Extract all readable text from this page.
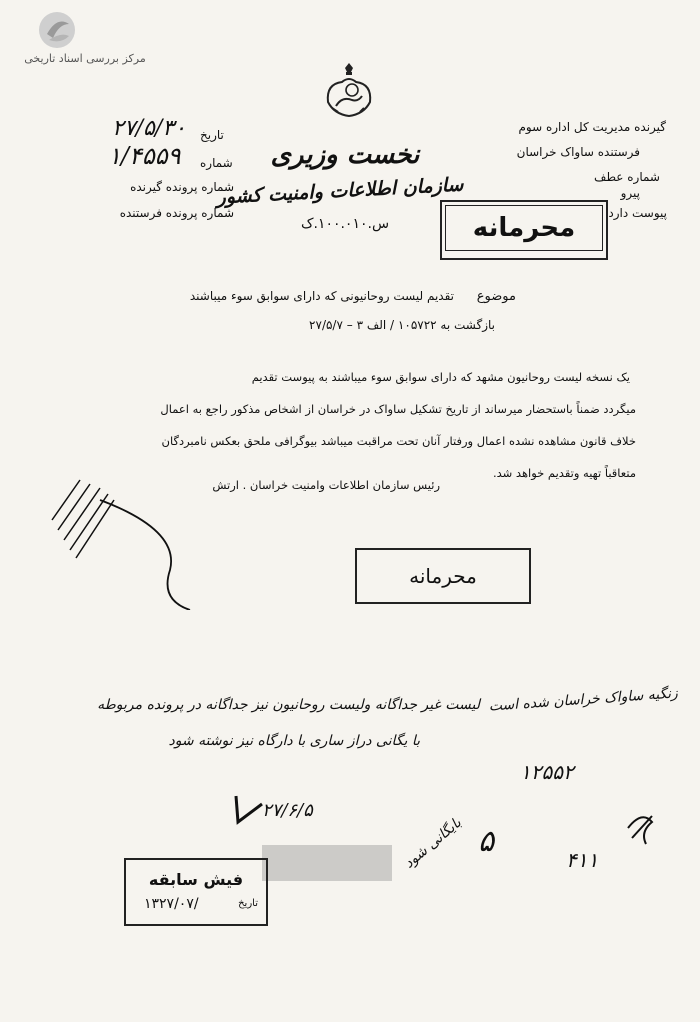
مرکز بررسی اسناد تاریخی
نخست وزیری
سازمان اطلاعات وامنیت کشور
س.۱۰۰.۰۱۰.ک
تاریخ
۲۷/۵/۳۰
شماره
۱/۴۵۵۹
شماره پرونده گیرنده
شماره پرونده فرستنده
گیرنده مدیریت کل اداره سوم
فرستنده ساواک خراسان
شماره عطف
پیرو
پیوست دارد
محرمانه
موضوع
تقدیم لیست روحانیونی که دارای سوابق سوء میباشند
بازگشت به ۱۰۵۷۲۲ / الف ۳ – ۲۷/۵/۷
یک نسخه لیست روحانیون مشهد که دارای سوابق سوء میباشند به پیوست تقدیم
میگردد ضمناً باستحضار میرساند از تاریخ تشکیل ساواک در خراسان از اشخاص مذکور راجع به اعمال
خلاف قانون مشاهده نشده اعمال ورفتار آنان تحت مراقبت میباشد بیوگرافی ملحق بعکس نامبردگان
متعاقباً تهیه وتقدیم خواهد شد.
رئیس سازمان اطلاعات وامنیت خراسان . ارتش
محرمانه
زنگیه ساواک خراسان شده است
۱۲۵۵۲
لیست غیر جداگانه ولیست روحانیون نیز جداگانه در پرونده مربوطه
با یگانی دراز ساری با دارگاه نیز نوشته شود
۲۷/۶/۵
۵
بایگانی شود	۴۱۱
فیش سابقه
تاریخ
۱۳۲۷/۰۷/
